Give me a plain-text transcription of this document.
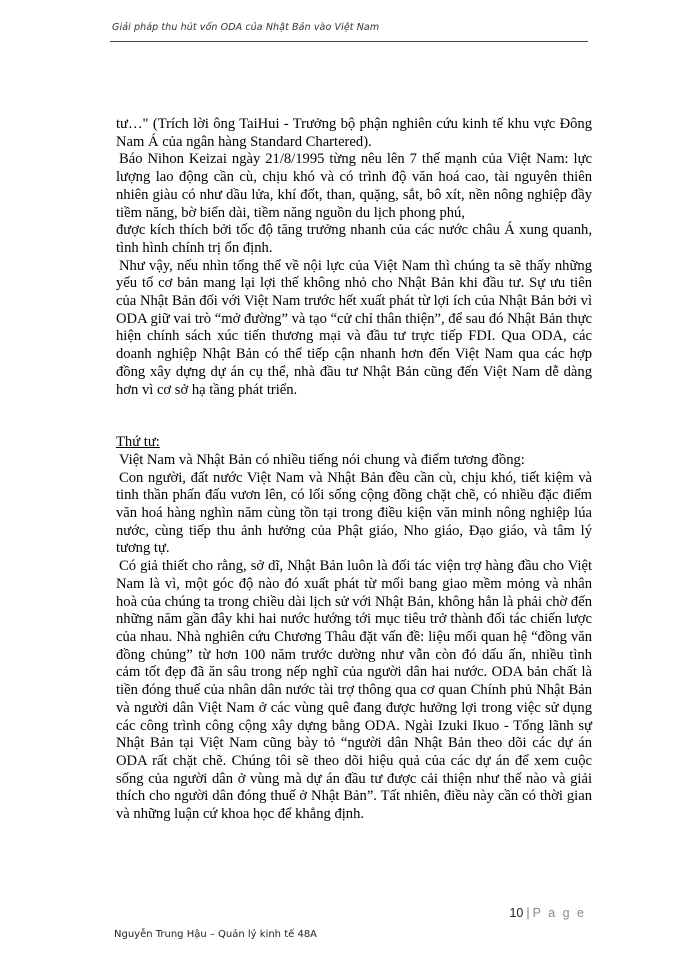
Giải pháp thu hút vốn ODA của Nhật Bản vào Việt Nam

tư…" (Trích lời ông TaiHui - Trưởng bộ phận nghiên cứu kinh tế khu vực Đông Nam Á của ngân hàng Standard Chartered).

Báo Nihon Keizai ngày 21/8/1995 từng nêu lên 7 thế mạnh của Việt Nam: lực lượng lao động cần cù, chịu khó và có trình độ văn hoá cao, tài nguyên thiên nhiên giàu có như dầu lửa, khí đốt, than, quặng, sắt, bô xít, nền nông nghiệp đầy tiềm năng, bờ biển dài, tiềm năng nguồn du lịch phong phú,

được kích thích bởi tốc độ tăng trưởng nhanh của các nước châu Á xung quanh, tình hình chính trị ổn định.

Như vậy, nếu nhìn tổng thể về nội lực của Việt Nam thì chúng ta sẽ thấy những yếu tố cơ bản mang lại lợi thế không nhỏ cho Nhật Bản khi đầu tư. Sự ưu tiên của Nhật Bản đối với Việt Nam trước hết xuất phát từ lợi ích của Nhật Bản bởi vì ODA giữ vai trò “mở đường” và tạo “cử chỉ thân thiện”, để sau đó Nhật Bản thực hiện chính sách xúc tiến thương mại và đầu tư trực tiếp FDI. Qua ODA, các doanh nghiệp Nhật Bản có thể tiếp cận nhanh hơn đến Việt Nam qua các hợp đồng xây dựng dự án cụ thể, nhà đầu tư Nhật Bản cũng đến Việt Nam dễ dàng hơn vì cơ sở hạ tầng phát triển.

Thứ tư:

Việt Nam và Nhật Bản có nhiều tiếng nói chung và điểm tương đồng:

Con người, đất nước Việt Nam và Nhật Bản đều cần cù, chịu khó, tiết kiệm và tinh thần phấn đấu vươn lên, có lối sống cộng đồng chặt chẽ, có nhiều đặc điểm văn hoá hàng nghìn năm cùng tồn tại trong điều kiện văn minh nông nghiệp lúa nước, cùng tiếp thu ảnh hưởng của Phật giáo, Nho giáo, Đạo giáo, và tâm lý tương tự.

Có giả thiết cho rằng, sở dĩ, Nhật Bản luôn là đối tác viện trợ hàng đầu cho Việt Nam là vì, một góc độ nào đó xuất phát từ mối bang giao mềm mỏng và nhân hoà của chúng ta trong chiều dài lịch sử với Nhật Bản, không hẳn là phải chờ đến những năm gần đây khi hai nước hướng tới mục tiêu trở thành đối tác chiến lược của nhau. Nhà nghiên cứu Chương Thâu đặt vấn đề: liệu mối quan hệ “đồng văn đồng chủng” từ hơn 100 năm trước dường như vẫn còn đó dấu ấn, nhiều tình cảm tốt đẹp đã ăn sâu trong nếp nghĩ của người dân hai nước. ODA bản chất là tiền đóng thuế của nhân dân nước tài trợ thông qua cơ quan Chính phủ Nhật Bản và người dân Việt Nam ở các vùng quê đang được hưởng lợi trong việc sử dụng các công trình công cộng xây dựng bằng ODA. Ngài Izuki Ikuo - Tổng lãnh sự Nhật Bản tại Việt Nam cũng bày tỏ “người dân Nhật Bản theo dõi các dự án ODA rất chặt chẽ. Chúng tôi sẽ theo dõi hiệu quả của các dự án để xem cuộc sống của người dân ở vùng mà dự án đầu tư được cải thiện như thế nào và giải thích cho người dân đóng thuế ở Nhật Bản”. Tất nhiên, điều này cần có thời gian và những luận cứ khoa học để khẳng định.

10 | P a g e
Nguyễn Trung Hậu – Quản lý kinh tế 48A
